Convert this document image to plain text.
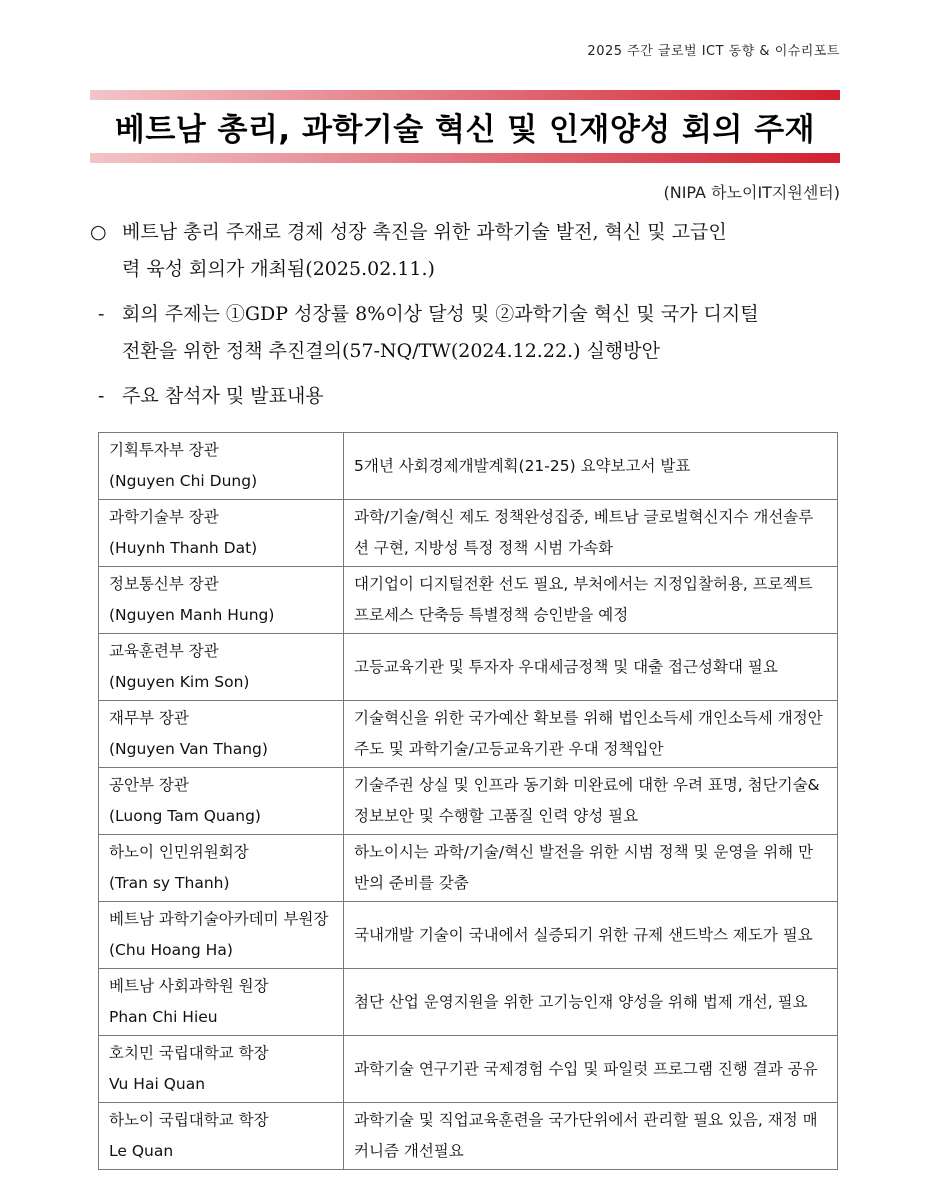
2025 주간 글로벌 ICT 동향 & 이슈리포트
베트남 총리, 과학기술 혁신 및 인재양성 회의 주재
(NIPA 하노이IT지원센터)
○ 베트남 총리 주재로 경제 성장 촉진을 위한 과학기술 발전, 혁신 및 고급인
력 육성 회의가 개최됨(2025.02.11.)
- 회의 주제는 ①GDP 성장률 8%이상 달성 및 ②과학기술 혁신 및 국가 디지털
전환을 위한 정책 추진결의(57-NQ/TW(2024.12.22.) 실행방안
- 주요 참석자 및 발표내용
기획투자부 장관
(Nguyen Chi Dung)	5개년 사회경제개발계획(21-25) 요약보고서 발표

과학기술부 장관
(Huynh Thanh Dat)	과학/기술/혁신 제도 정책완성집중, 베트남 글로벌혁신지수 개선솔루션 구현, 지방성 특정 정책 시범 가속화

정보통신부 장관
(Nguyen Manh Hung)	대기업이 디지털전환 선도 필요, 부처에서는 지정입찰허용, 프로젝트 프로세스 단축등 특별정책 승인받을 예정

교육훈련부 장관
(Nguyen Kim Son)	고등교육기관 및 투자자 우대세금정책 및 대출 접근성확대 필요

재무부 장관
(Nguyen Van Thang)	기술혁신을 위한 국가예산 확보를 위해 법인소득세 개인소득세 개정안 주도 및 과학기술/고등교육기관 우대 정책입안

공안부 장관
(Luong Tam Quang)	기술주권 상실 및 인프라 동기화 미완료에 대한 우려 표명, 첨단기술&정보보안 및 수행할 고품질 인력 양성 필요

하노이 인민위원회장
(Tran sy Thanh)	하노이시는 과학/기술/혁신 발전을 위한 시범 정책 및 운영을 위해 만반의 준비를 갖춤

베트남 과학기술아카데미 부원장
(Chu Hoang Ha)	국내개발 기술이 국내에서 실증되기 위한 규제 샌드박스 제도가 필요

베트남 사회과학원 원장
Phan Chi Hieu	첨단 산업 운영지원을 위한 고기능인재 양성을 위해 법제 개선, 필요

호치민 국립대학교 학장
Vu Hai Quan	과학기술 연구기관 국제경험 수입 및 파일럿 프로그램 진행 결과 공유

하노이 국립대학교 학장
Le Quan	과학기술 및 직업교육훈련을 국가단위에서 관리할 필요 있음, 재정 매커니즘 개선필요
